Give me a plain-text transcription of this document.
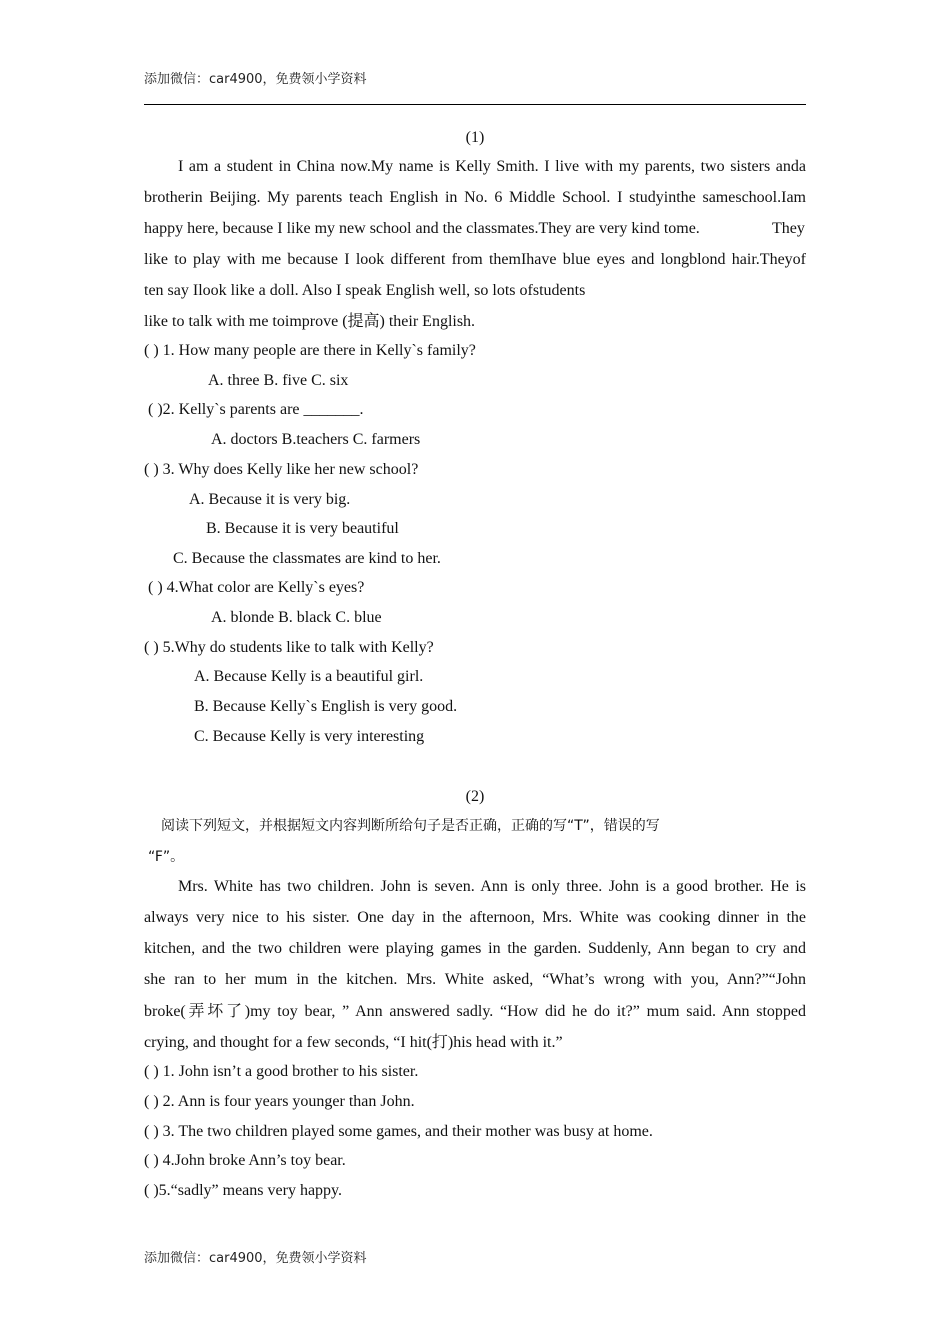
添加微信：car4900，免费领小学资料
(1)
I am a student in China now.My name is Kelly Smith. I live with my parents, two sisters anda
brotherin Beijing. My parents teach English in No. 6 Middle School. I studyinthe sameschool.Iam
happy here, because I like my new school and the classmates.They are very kind tome.	They
like to play with me because I look different from themIhave blue eyes and longblond hair.Theyof
ten say Ilook like a doll. Also I speak English well, so lots ofstudents
like to talk with me toimprove (提高) their English.
( ) 1. How many people are there in Kelly`s family?
A. three B. five C. six
( )2. Kelly`s parents are _______.
A. doctors B.teachers C. farmers
( ) 3. Why does Kelly like her new school?
A. Because it is very big.
B. Because it is very beautiful
C. Because the classmates are kind to her.
( ) 4.What color are Kelly`s eyes?
A. blonde B. black C. blue
( ) 5.Why do students like to talk with Kelly?
A. Because Kelly is a beautiful girl.
B. Because Kelly`s English is very good.
C. Because Kelly is very interesting
(2)
阅读下列短文，并根据短文内容判断所给句子是否正确，正确的写“T”，错误的写
“F”。
Mrs. White has two children. John is seven. Ann is only three. John is a good brother. He is
always very nice to his sister. One day in the afternoon, Mrs. White was cooking dinner in the
kitchen, and the two children were playing games in the garden. Suddenly, Ann began to cry and
she ran to her mum in the kitchen. Mrs. White asked, “What’s wrong with you, Ann?”“John
broke(弄坏了)my toy bear, ” Ann answered sadly. “How did he do it?” mum said. Ann stopped
crying, and thought for a few seconds, “I hit(打)his head with it.”
( ) 1. John isn’t a good brother to his sister.
( ) 2. Ann is four years younger than John.
( ) 3. The two children played some games, and their mother was busy at home.
( ) 4.John broke Ann’s toy bear.
( )5.“sadly” means very happy.
添加微信：car4900，免费领小学资料
